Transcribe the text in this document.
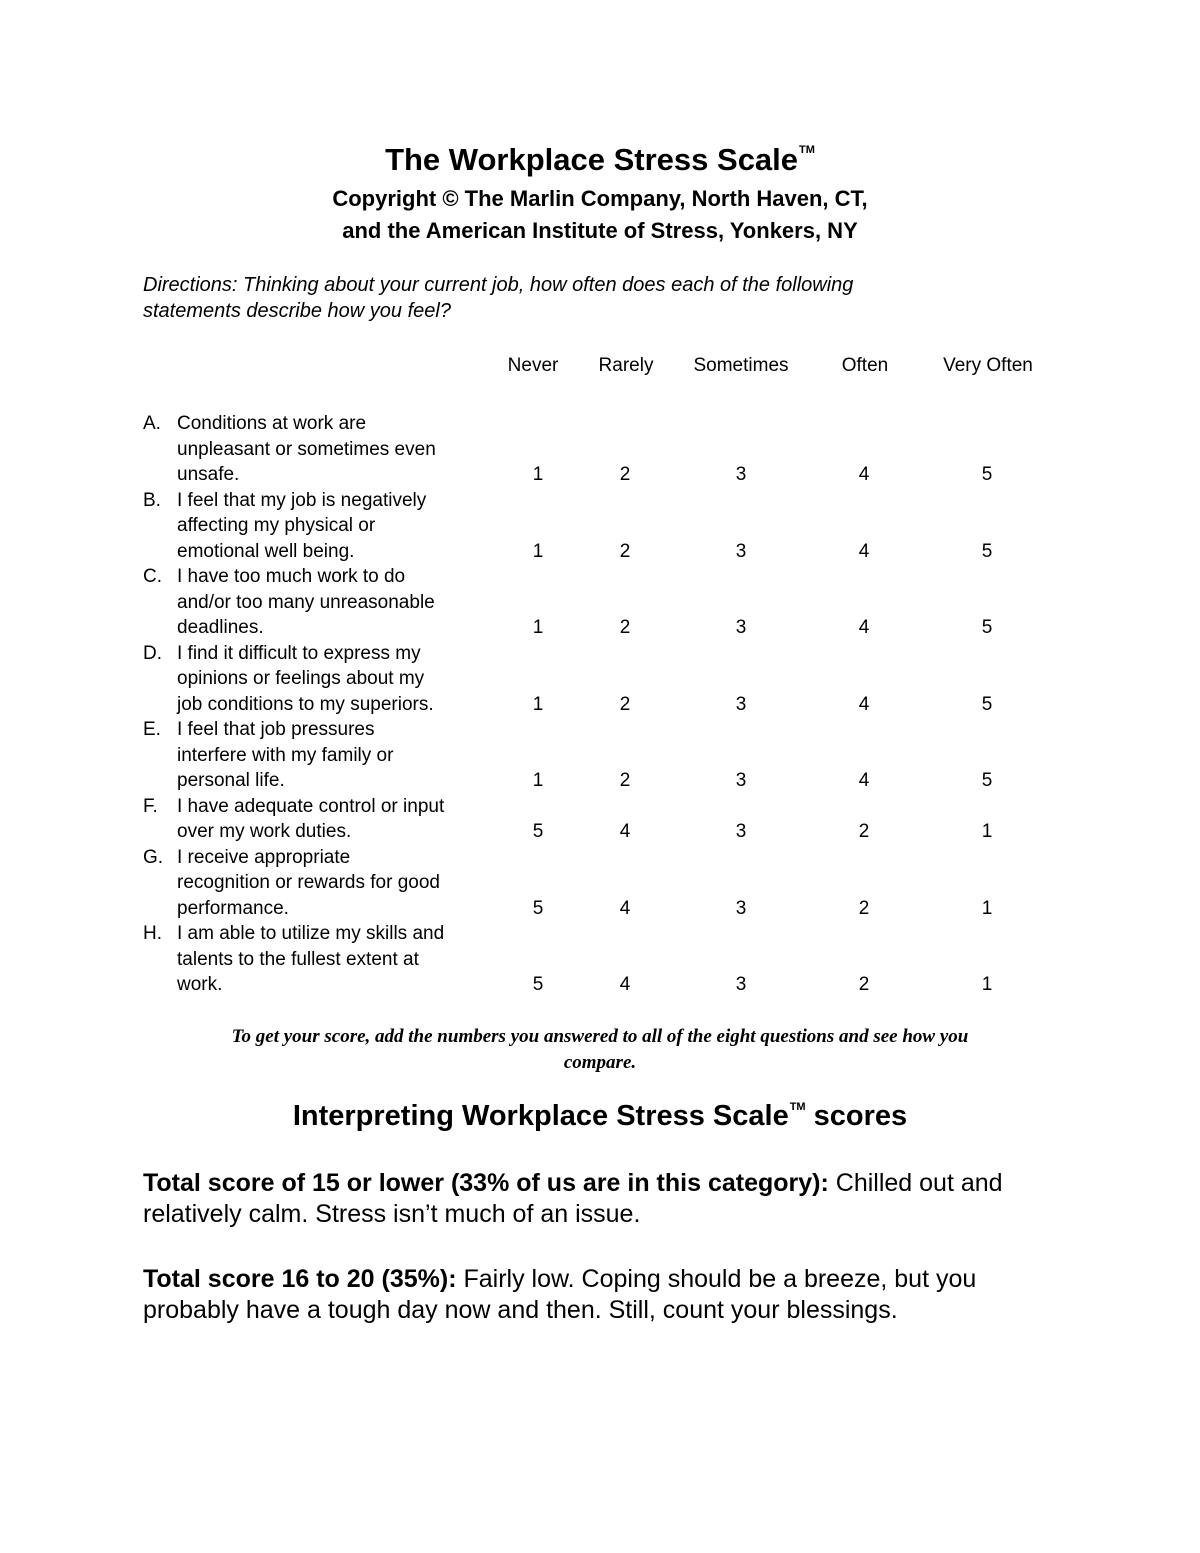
The Workplace Stress Scale™
Copyright © The Marlin Company, North Haven, CT,
and the American Institute of Stress, Yonkers, NY
Directions: Thinking about your current job, how often does each of the following
statements describe how you feel?
Never	Rarely	Sometimes	Often	Very Often
A. Conditions at work are
unpleasant or sometimes even
unsafe.	1	2	3	4	5
B. I feel that my job is negatively
affecting my physical or
emotional well being.	1	2	3	4	5
C. I have too much work to do
and/or too many unreasonable
deadlines.	1	2	3	4	5
D. I find it difficult to express my
opinions or feelings about my
job conditions to my superiors.	1	2	3	4	5
E. I feel that job pressures
interfere with my family or
personal life.	1	2	3	4	5
F. I have adequate control or input
over my work duties.	5	4	3	2	1
G. I receive appropriate
recognition or rewards for good
performance.	5	4	3	2	1
H. I am able to utilize my skills and
talents to the fullest extent at
work.	5	4	3	2	1
To get your score, add the numbers you answered to all of the eight questions and see how you
compare.
Interpreting Workplace Stress Scale™ scores
Total score of 15 or lower (33% of us are in this category): Chilled out and relatively calm. Stress isn’t much of an issue.
Total score 16 to 20 (35%): Fairly low. Coping should be a breeze, but you probably have a tough day now and then. Still, count your blessings.
